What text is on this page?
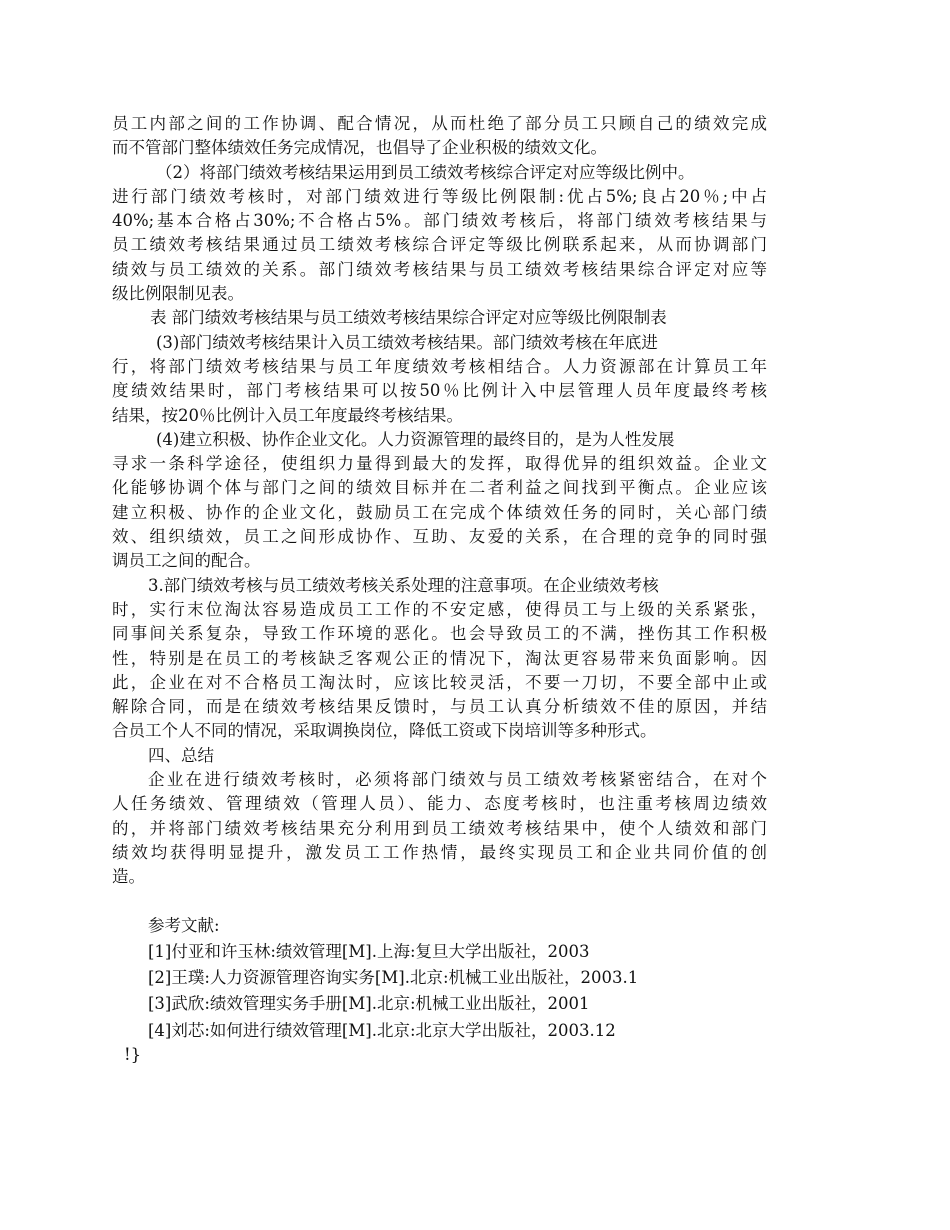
员工内部之间的工作协调、配合情况，从而杜绝了部分员工只顾自己的绩效完成
而不管部门整体绩效任务完成情况，也倡导了企业积极的绩效文化。
（2）将部门绩效考核结果运用到员工绩效考核综合评定对应等级比例中。
进行部门绩效考核时，对部门绩效进行等级比例限制:优占5%;良占20％;中占
40%;基本合格占30%;不合格占5%。部门绩效考核后，将部门绩效考核结果与
员工绩效考核结果通过员工绩效考核综合评定等级比例联系起来，从而协调部门
绩效与员工绩效的关系。部门绩效考核结果与员工绩效考核结果综合评定对应等
级比例限制见表。
表 部门绩效考核结果与员工绩效考核结果综合评定对应等级比例限制表
(3)部门绩效考核结果计入员工绩效考核结果。部门绩效考核在年底进
行，将部门绩效考核结果与员工年度绩效考核相结合。人力资源部在计算员工年
度绩效结果时，部门考核结果可以按50％比例计入中层管理人员年度最终考核
结果，按20％比例计入员工年度最终考核结果。
(4)建立积极、协作企业文化。人力资源管理的最终目的，是为人性发展
寻求一条科学途径，使组织力量得到最大的发挥，取得优异的组织效益。企业文
化能够协调个体与部门之间的绩效目标并在二者利益之间找到平衡点。企业应该
建立积极、协作的企业文化，鼓励员工在完成个体绩效任务的同时，关心部门绩
效、组织绩效，员工之间形成协作、互助、友爱的关系，在合理的竞争的同时强
调员工之间的配合。
3.部门绩效考核与员工绩效考核关系处理的注意事项。在企业绩效考核
时，实行末位淘汰容易造成员工工作的不安定感，使得员工与上级的关系紧张，
同事间关系复杂，导致工作环境的恶化。也会导致员工的不满，挫伤其工作积极
性，特别是在员工的考核缺乏客观公正的情况下，淘汰更容易带来负面影响。因
此，企业在对不合格员工淘汰时，应该比较灵活，不要一刀切，不要全部中止或
解除合同，而是在绩效考核结果反馈时，与员工认真分析绩效不佳的原因，并结
合员工个人不同的情况，采取调换岗位，降低工资或下岗培训等多种形式。
四、总结
企业在进行绩效考核时，必须将部门绩效与员工绩效考核紧密结合，在对个
人任务绩效、管理绩效（管理人员）、能力、态度考核时，也注重考核周边绩效
的，并将部门绩效考核结果充分利用到员工绩效考核结果中，使个人绩效和部门
绩效均获得明显提升，激发员工工作热情，最终实现员工和企业共同价值的创
造。
参考文献:
[1]付亚和许玉林:绩效管理[M].上海:复旦大学出版社，2003
[2]王璞:人力资源管理咨询实务[M].北京:机械工业出版社，2003.1
[3]武欣:绩效管理实务手册[M].北京:机械工业出版社，2001
[4]刘芯:如何进行绩效管理[M].北京:北京大学出版社，2003.12
!}
